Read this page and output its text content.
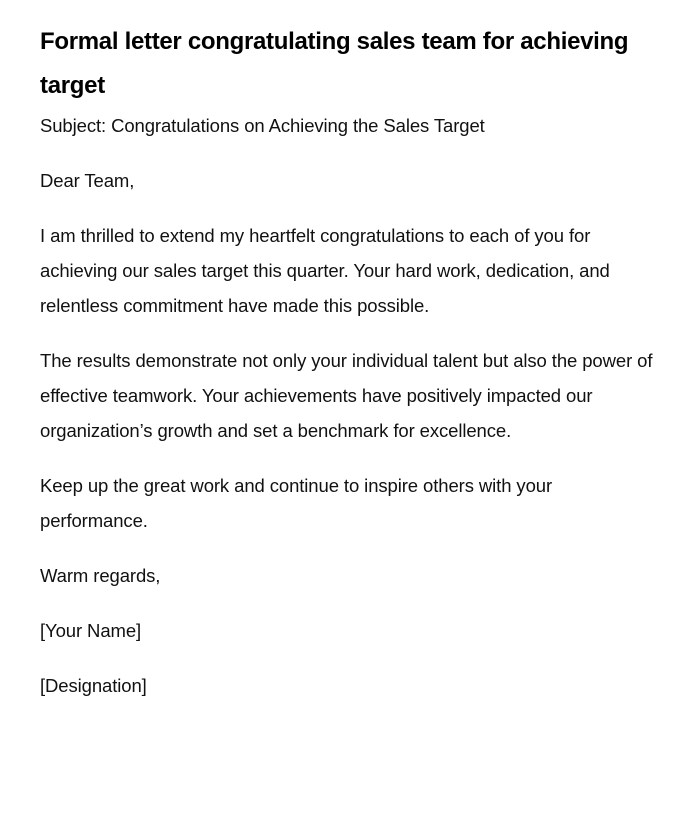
Formal letter congratulating sales team for achieving target

Subject: Congratulations on Achieving the Sales Target

Dear Team,

I am thrilled to extend my heartfelt congratulations to each of you for achieving our sales target this quarter. Your hard work, dedication, and relentless commitment have made this possible.

The results demonstrate not only your individual talent but also the power of effective teamwork. Your achievements have positively impacted our organization’s growth and set a benchmark for excellence.

Keep up the great work and continue to inspire others with your performance.

Warm regards,

[Your Name]

[Designation]
